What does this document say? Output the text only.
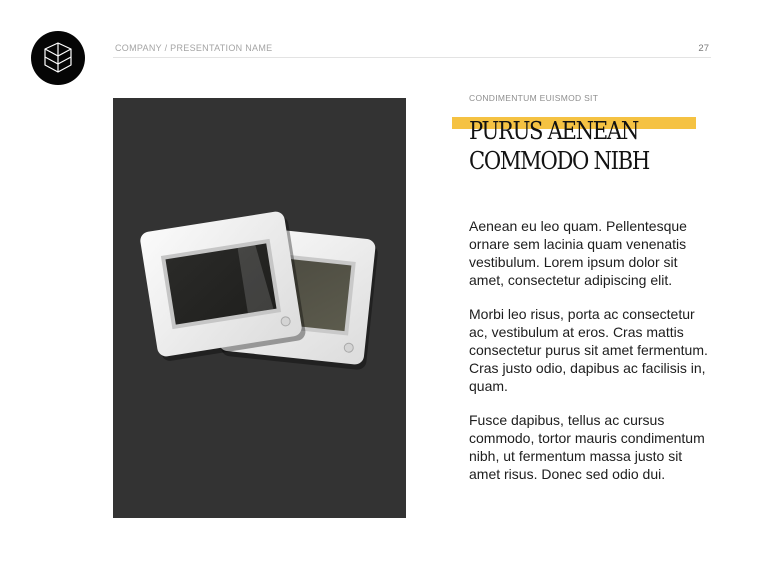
COMPANY / PRESENTATION NAME	27
CONDIMENTUM EUISMOD SIT
PURUS AENEAN
COMMODO NIBH

Aenean eu leo quam. Pellentesque ornare sem lacinia quam venenatis vestibulum. Lorem ipsum dolor sit amet, consectetur adipiscing elit.

Morbi leo risus, porta ac consectetur ac, vestibulum at eros. Cras mattis consectetur purus sit amet fermentum. Cras justo odio, dapibus ac facilisis in, quam.

Fusce dapibus, tellus ac cursus commodo, tortor mauris condimentum nibh, ut fermentum massa justo sit amet risus. Donec sed odio dui.
